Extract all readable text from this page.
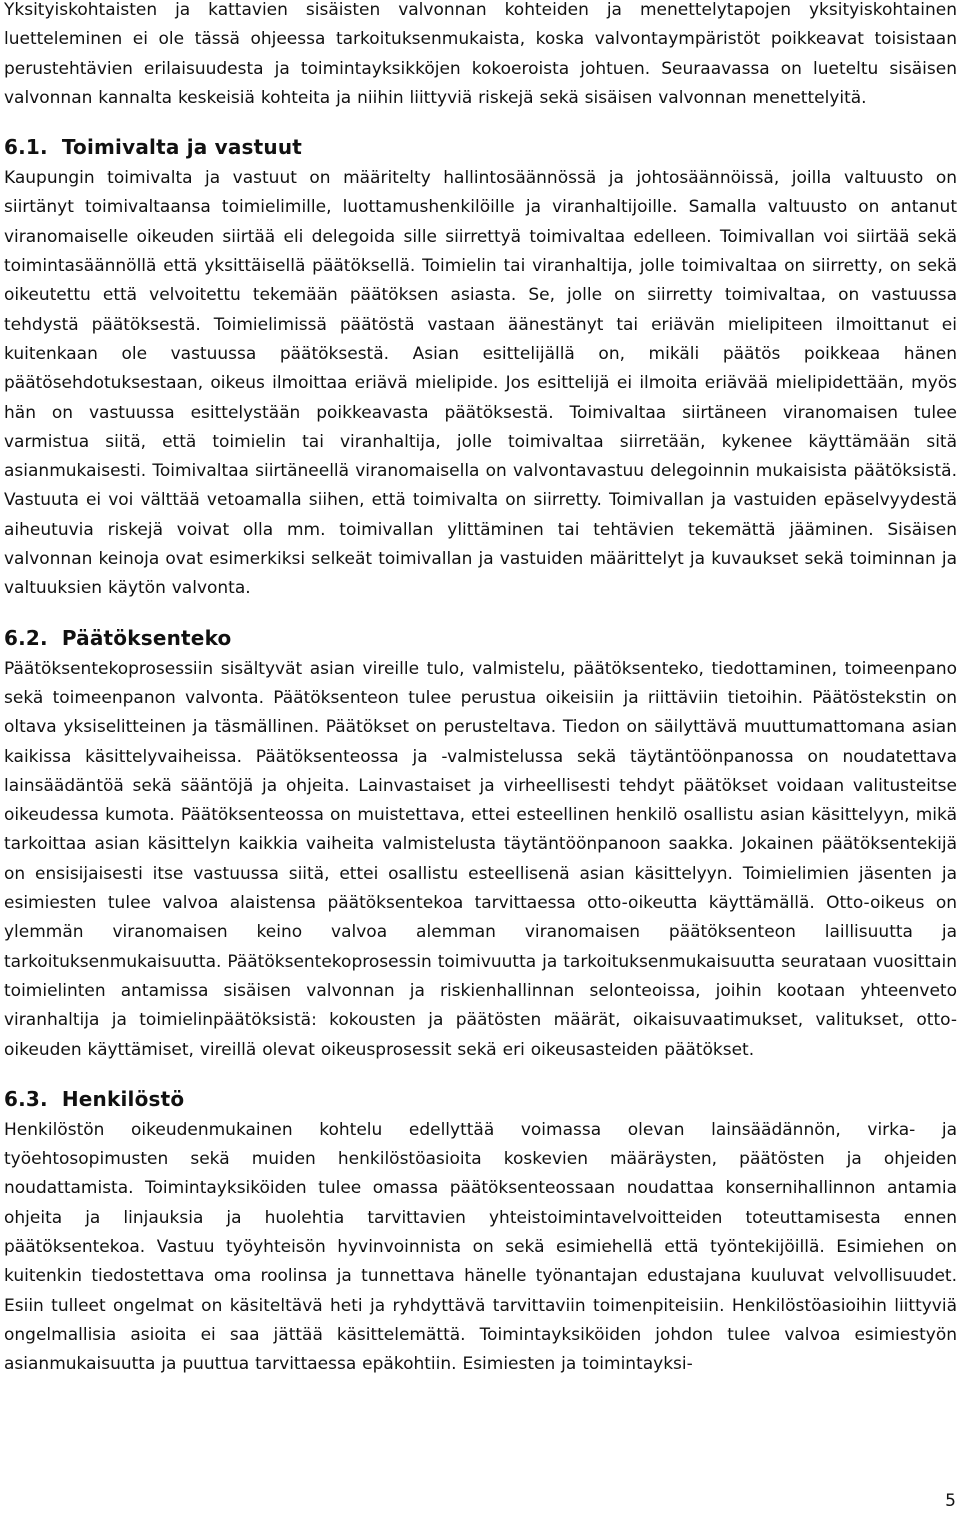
Yksityiskohtaisten ja kattavien sisäisten valvonnan kohteiden ja menettelytapojen yksityiskohtainen luetteleminen ei ole tässä ohjeessa tarkoituksenmukaista, koska valvontaympäristöt poikkeavat toisistaan perustehtävien erilaisuudesta ja toimintayksikköjen kokoeroista johtuen. Seuraavassa on lueteltu sisäisen valvonnan kannalta keskeisiä kohteita ja niihin liittyviä riskejä sekä sisäisen valvonnan menettelyitä.

6.1. Toimivalta ja vastuut

Kaupungin toimivalta ja vastuut on määritelty hallintosäännössä ja johtosäännöissä, joilla valtuusto on siirtänyt toimivaltaansa toimielimille, luottamushenkilöille ja viranhaltijoille. Samalla valtuusto on antanut viranomaiselle oikeuden siirtää eli delegoida sille siirrettyä toimivaltaa edelleen. Toimivallan voi siirtää sekä toimintasäännöllä että yksittäisellä päätöksellä. Toimielin tai viranhaltija, jolle toimivaltaa on siirretty, on sekä oikeutettu että velvoitettu tekemään päätöksen asiasta. Se, jolle on siirretty toimivaltaa, on vastuussa tehdystä päätöksestä. Toimielimissä päätöstä vastaan äänestänyt tai eriävän mielipiteen ilmoittanut ei kuitenkaan ole vastuussa päätöksestä. Asian esittelijällä on, mikäli päätös poikkeaa hänen päätösehdotuksestaan, oikeus ilmoittaa eriävä mielipide. Jos esittelijä ei ilmoita eriävää mielipidettään, myös hän on vastuussa esittelystään poikkeavasta päätöksestä. Toimivaltaa siirtäneen viranomaisen tulee varmistua siitä, että toimielin tai viranhaltija, jolle toimivaltaa siirretään, kykenee käyttämään sitä asianmukaisesti. Toimivaltaa siirtäneellä viranomaisella on valvontavastuu delegoinnin mukaisista päätöksistä. Vastuuta ei voi välttää vetoamalla siihen, että toimivalta on siirretty. Toimivallan ja vastuiden epäselvyydestä aiheutuvia riskejä voivat olla mm. toimivallan ylittäminen tai tehtävien tekemättä jääminen. Sisäisen valvonnan keinoja ovat esimerkiksi selkeät toimivallan ja vastuiden määrittelyt ja kuvaukset sekä toiminnan ja valtuuksien käytön valvonta.

6.2. Päätöksenteko

Päätöksentekoprosessiin sisältyvät asian vireille tulo, valmistelu, päätöksenteko, tiedottaminen, toimeenpano sekä toimeenpanon valvonta. Päätöksenteon tulee perustua oikeisiin ja riittäviin tietoihin. Päätöstekstin on oltava yksiselitteinen ja täsmällinen. Päätökset on perusteltava. Tiedon on säilyttävä muuttumattomana asian kaikissa käsittelyvaiheissa. Päätöksenteossa ja -valmistelussa sekä täytäntöönpanossa on noudatettava lainsäädäntöä sekä sääntöjä ja ohjeita. Lainvastaiset ja virheellisesti tehdyt päätökset voidaan valitusteitse oikeudessa kumota. Päätöksenteossa on muistettava, ettei esteellinen henkilö osallistu asian käsittelyyn, mikä tarkoittaa asian käsittelyn kaikkia vaiheita valmistelusta täytäntöönpanoon saakka. Jokainen päätöksentekijä on ensisijaisesti itse vastuussa siitä, ettei osallistu esteellisenä asian käsittelyyn. Toimielimien jäsenten ja esimiesten tulee valvoa alaistensa päätöksentekoa tarvittaessa otto-oikeutta käyttämällä. Otto-oikeus on ylemmän viranomaisen keino valvoa alemman viranomaisen päätöksenteon laillisuutta ja tarkoituksenmukaisuutta. Päätöksentekoprosessin toimivuutta ja tarkoituksenmukaisuutta seurataan vuosittain toimielinten antamissa sisäisen valvonnan ja riskienhallinnan selonteoissa, joihin kootaan yhteenveto viranhaltija ja toimielinpäätöksistä: kokousten ja päätösten määrät, oikaisuvaatimukset, valitukset, otto-oikeuden käyttämiset, vireillä olevat oikeusprosessit sekä eri oikeusasteiden päätökset.

6.3. Henkilöstö

Henkilöstön oikeudenmukainen kohtelu edellyttää voimassa olevan lainsäädännön, virka- ja työehtosopimusten sekä muiden henkilöstöasioita koskevien määräysten, päätösten ja ohjeiden noudattamista. Toimintayksiköiden tulee omassa päätöksenteossaan noudattaa konsernihallinnon antamia ohjeita ja linjauksia ja huolehtia tarvittavien yhteistoimintavelvoitteiden toteuttamisesta ennen päätöksentekoa. Vastuu työyhteisön hyvinvoinnista on sekä esimiehellä että työntekijöillä. Esimiehen on kuitenkin tiedostettava oma roolinsa ja tunnettava hänelle työnantajan edustajana kuuluvat velvollisuudet. Esiin tulleet ongelmat on käsiteltävä heti ja ryhdyttävä tarvittaviin toimenpiteisiin. Henkilöstöasioihin liittyviä ongelmallisia asioita ei saa jättää käsittelemättä. Toimintayksiköiden johdon tulee valvoa esimiestyön asianmukaisuutta ja puuttua tarvittaessa epäkohtiin. Esimiesten ja toimintayksi-

5
